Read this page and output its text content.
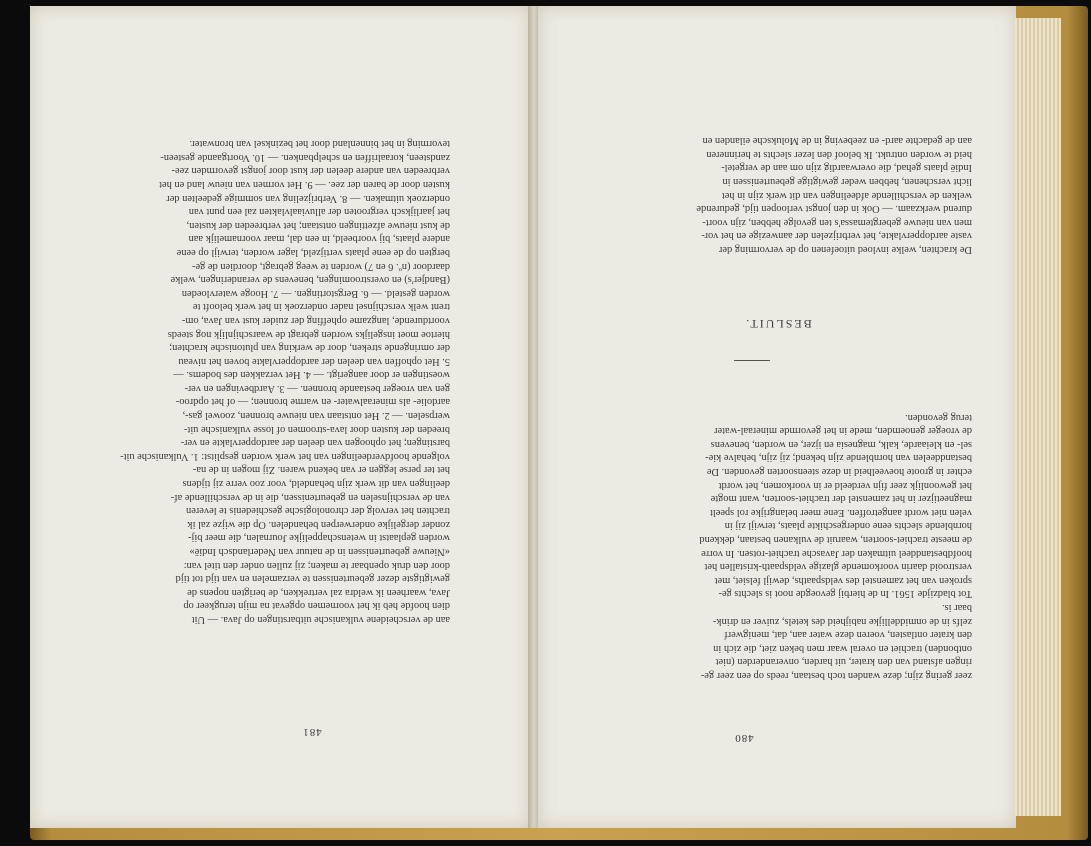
aan de verscheidene vulkanische uitbarstingen op Java. — Uit
dien hoofde heb ik het voornemen opgevat na mijn terugkeer op
Java, waarheen ik weldra zal vertrekken, de berigten nopens de
gewigtigste dezer gebeurtenissen te verzamelen en van tijd tot tijd
door den druk openbaar te maken; zij zullen onder den titel van:
«Nieuwe gebeurtenissen in de natuur van Nederlandsch Indië»
worden geplaatst in wetenschappelijke Journalen, die meer bij-
zonder dergelijke onderwerpen behandelen. Op die wijze zal ik
trachten het vervolg der chronologische geschiedenis te leveren
van de verschijnselen en gebeurtenissen, die in de verschillende af-
deelingen van dit werk zijn behandeld, voor zoo verre zij tijdens
het ter perse leggen er van bekend waren. Zij mogen in de na-
volgende hoofdverdeelingen van het werk worden gesplitst: 1. Vulkanische uit-
barstingen; het ophoogen van deelen der aardoppervlakte en ver-
breeden der kusten door lava-stroomen of losse vulkanische uit-
werpselen. — 2. Het ontstaan van nieuwe bronnen, zoowel gas-,
aardolie- als mineraalwater- en warme bronnen; — of het opdroo-
gen van vroeger bestaande bronnen. — 3. Aardbevingen en ver-
woestingen er door aangerigt. — 4. Het verzakken des bodems. —
5. Het ophoffen van deelen der aardoppervlakte boven het niveau
der omringende streken, door de werking van plutonische krachten;
hiertoe moet insgelijks worden gebragt de waarschijnlijk nog steeds
voortdurende, langzame opheffing der zuider kust van Java, om-
trent welk verschijnsel nader onderzoek in het werk belooft te
worden gesteld. — 6. Bergstortingen. — 7. Hooge watervloeden
(Bandjer's) en overstroomingen, benevens de veranderingen, welke
daardoor (nº. 6 en 7) worden te weeg gebragt, doordien de ge-
bergten op de eene plaats vertijzeld, lager worden, terwijl op eene
andere plaats, bij voorbeeld, in een dal, maar voornamelijk aan
de kust nieuwe afzettingen ontstaan; het verbreeden der kusten,
het jaarlijksch vergrooten der alluviaalvlakten zal een punt van
onderzoek uitmaken. — 8. Verbrijzeling van sommige gedeelten der
kusten door de baren der zee. — 9. Het vormen van nieuw land en het
verbreeden van andere deelen der kust door jongst gevormden zee-
zandsteen, koraalriffen en schelpbanken. — 10. Voortgaande gesteen-
tevorming in het binnenland door het bezinksel van bronwater.
481
De krachten, welke invloed uitoefenen op de vervorming der
vaste aardoppervlakte, het verbrijzelen der aanwezige en het vor-
men van nieuwe gebergtemassa's ten gevolge hebben, zijn voort-
durend werkzaam. — Ook in den jongst verloopen tijd, gedurende
welken de verschillende afdeelingen van dit werk zijn in het
licht verschenen, hebben weder gewigtige gebeurtenissen in
Indië plaats gehad, die overwaardig zijn om aan de vergetel-
heid te worden ontrukt. Ik beloof den lezer slechts te herinneren
aan de gedachte aard- en zeebeving in de Moluksche eilanden en
BESLUIT.
zeer gering zijn; deze wanden toch bestaan, reeds op een zeer ge-
ringen afstand van den krater, uit harden, onveranderden (niet
ontbonden) trachiet en overal waar men beken ziet, die zich in
den krater ontlasten, voeren deze water aan, dat, menigwerf
zelfs in de onmiddellijke nabijheid des ketels, zuiver en drink-
baar is.
Tot bladzijde 1561. In de hierbij gevoegde noot is slechts ge-
sproken van het zamenstel des veldspaaths, dewijl felsiet, met
verstrooid daarin voorkomende glazige veldspaath-kristallen het
hoofdbestanddeel uitmaken der Javasche trachiet-rotsen. In vorre
de meeste trachiet-soorten, waaruit de vulkanen bestaan, dekkend
hornblende slechts eene ondergeschikte plaats, terwijl zij in
velen niet wordt aangetroffen. Eene meer belangrijke rol speelt
magneetijzer in het zamenstel der trachiet-soorten, want mogte
het gewoonlijk zeer fijn verdeeld er in voorkomen, het wordt
echter in groote hoeveelheid in deze steensoorten gevonden. De
bestanddeelen van hornblende zijn bekend; zij zijn, behalve kie-
sel- en kleiaarde, kalk, magnesia en ijzer, en worden, benevens
de vroeger genoemden, mede in het gevormde mineraal-water
terug gevonden.
480
